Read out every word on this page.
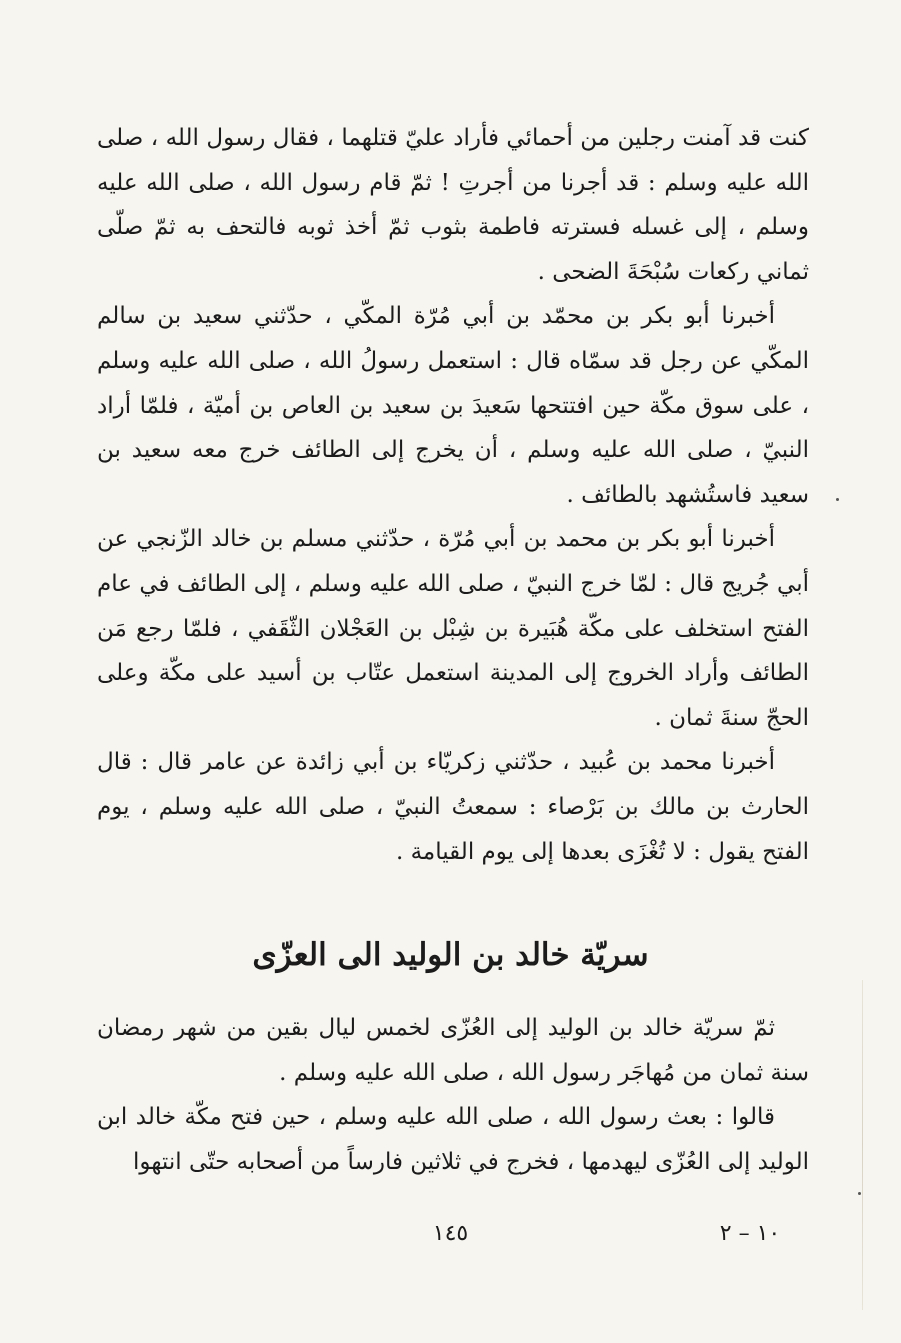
كنت قد آمنت رجلين من أحمائي فأراد عليّ قتلهما ، فقال رسول الله ، صلى الله عليه وسلم : قد أجرنا من أجرتِ ! ثمّ قام رسول الله ، صلى الله عليه وسلم ، إلى غسله فسترته فاطمة بثوب ثمّ أخذ ثوبه فالتحف به ثمّ صلّى ثماني ركعات سُبْحَةَ الضحى .

أخبرنا أبو بكر بن محمّد بن أبي مُرّة المكّي ، حدّثني سعيد بن سالم المكّي عن رجل قد سمّاه قال : استعمل رسولُ الله ، صلى الله عليه وسلم ، على سوق مكّة حين افتتحها سَعيدَ بن سعيد بن العاص بن أميّة ، فلمّا أراد النبيّ ، صلى الله عليه وسلم ، أن يخرج إلى الطائف خرج معه سعيد بن سعيد فاستُشهد بالطائف .

أخبرنا أبو بكر بن محمد بن أبي مُرّة ، حدّثني مسلم بن خالد الزّنجي عن أبي جُريج قال : لمّا خرج النبيّ ، صلى الله عليه وسلم ، إلى الطائف في عام الفتح استخلف على مكّة هُبَيرة بن شِبْل بن العَجْلان الثّقَفي ، فلمّا رجع مَن الطائف وأراد الخروج إلى المدينة استعمل عتّاب بن أسيد على مكّة وعلى الحجّ سنةَ ثمان .

أخبرنا محمد بن عُبيد ، حدّثني زكريّاء بن أبي زائدة عن عامر قال : قال الحارث بن مالك بن بَرْصاء : سمعتُ النبيّ ، صلى الله عليه وسلم ، يوم الفتح يقول : لا تُغْزَى بعدها إلى يوم القيامة .

سريّة خالد بن الوليد الى العزّى

ثمّ سريّة خالد بن الوليد إلى العُزّى لخمس ليال بقين من شهر رمضان سنة ثمان من مُهاجَر رسول الله ، صلى الله عليه وسلم .

قالوا : بعث رسول الله ، صلى الله عليه وسلم ، حين فتح مكّة خالد ابن الوليد إلى العُزّى ليهدمها ، فخرج في ثلاثين فارساً من أصحابه حتّى انتهوا

١٤٥	١٠ – ٢
